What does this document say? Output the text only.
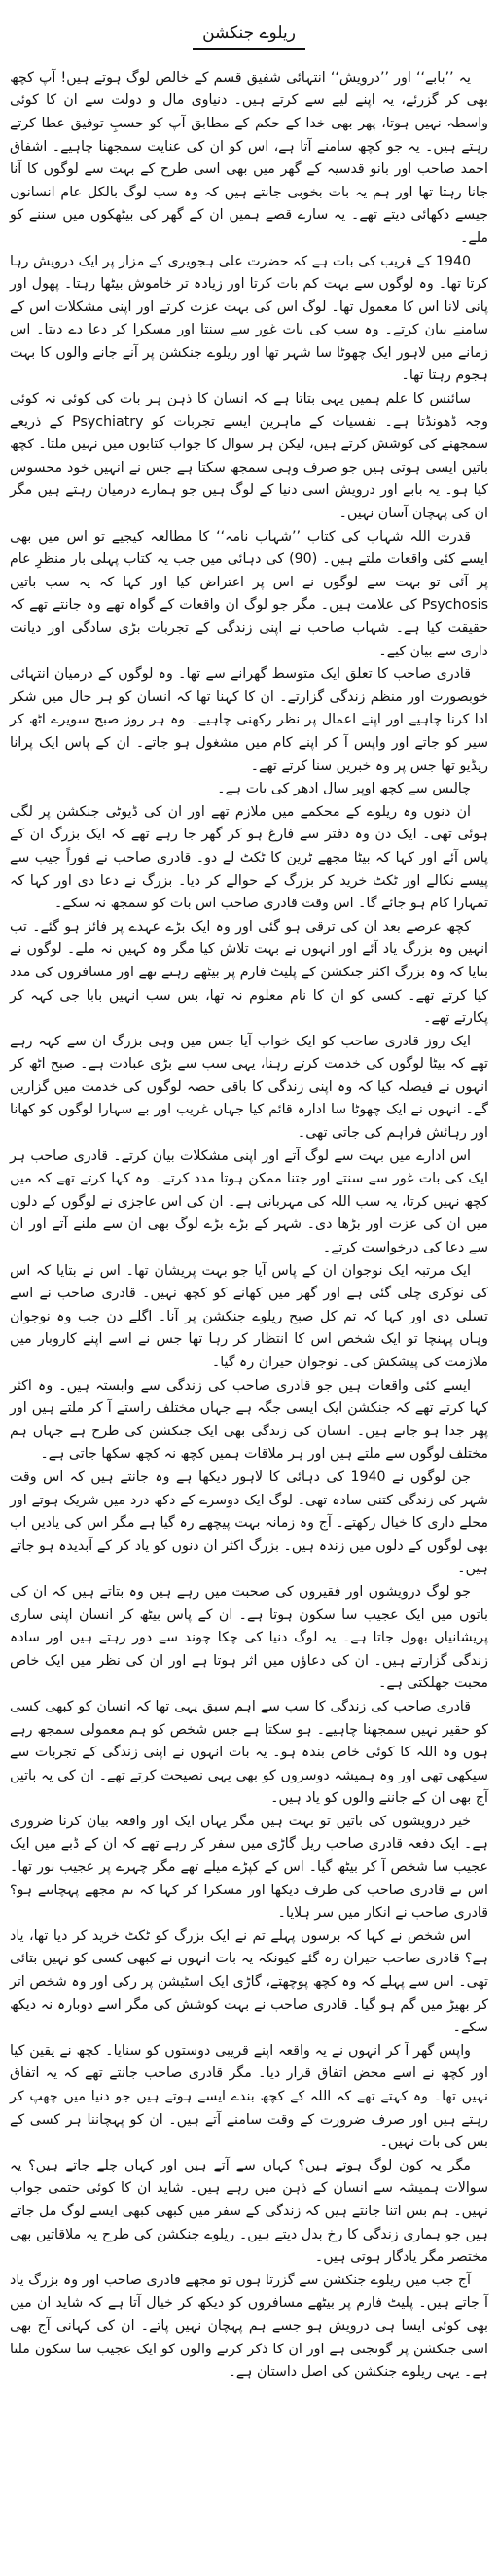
ریلوے جنکشن

یہ ’’بابے‘‘ اور ’’درویش‘‘ انتہائی شفیق قسم کے خالص لوگ ہوتے ہیں! آپ کچھ بھی کر گزرئے، یہ اپنے لیے سے کرتے ہیں۔ دنیاوی مال و دولت سے ان کا کوئی واسطہ نہیں ہوتا، پھر بھی خدا کے حکم کے مطابق آپ کو حسبِ توفیق عطا کرتے رہتے ہیں۔ یہ جو کچھ سامنے آتا ہے، اس کو ان کی عنایت سمجھنا چاہیے۔ اشفاق احمد صاحب اور بانو قدسیہ کے گھر میں بھی اسی طرح کے بہت سے لوگوں کا آنا جانا رہتا تھا اور ہم یہ بات بخوبی جانتے ہیں کہ وہ سب لوگ بالکل عام انسانوں جیسے دکھائی دیتے تھے۔ یہ سارے قصے ہمیں ان کے گھر کی بیٹھکوں میں سننے کو ملے۔

1940 کے قریب کی بات ہے کہ حضرت علی ہجویری کے مزار پر ایک درویش رہا کرتا تھا۔ وہ لوگوں سے بہت کم بات کرتا اور زیادہ تر خاموش بیٹھا رہتا۔ پھول اور پانی لانا اس کا معمول تھا۔ لوگ اس کی بہت عزت کرتے اور اپنی مشکلات اس کے سامنے بیان کرتے۔ وہ سب کی بات غور سے سنتا اور مسکرا کر دعا دے دیتا۔ اس زمانے میں لاہور ایک چھوٹا سا شہر تھا اور ریلوے جنکشن پر آنے جانے والوں کا بہت ہجوم رہتا تھا۔

سائنس کا علم ہمیں یہی بتاتا ہے کہ انسان کا ذہن ہر بات کی کوئی نہ کوئی وجہ ڈھونڈتا ہے۔ نفسیات کے ماہرین ایسے تجربات کو Psychiatry کے ذریعے سمجھنے کی کوشش کرتے ہیں، لیکن ہر سوال کا جواب کتابوں میں نہیں ملتا۔ کچھ باتیں ایسی ہوتی ہیں جو صرف وہی سمجھ سکتا ہے جس نے انہیں خود محسوس کیا ہو۔ یہ بابے اور درویش اسی دنیا کے لوگ ہیں جو ہمارے درمیان رہتے ہیں مگر ان کی پہچان آسان نہیں۔

قدرت اللہ شہاب کی کتاب ’’شہاب نامہ‘‘ کا مطالعہ کیجیے تو اس میں بھی ایسے کئی واقعات ملتے ہیں۔ (90) کی دہائی میں جب یہ کتاب پہلی بار منظرِ عام پر آئی تو بہت سے لوگوں نے اس پر اعتراض کیا اور کہا کہ یہ سب باتیں Psychosis کی علامت ہیں۔ مگر جو لوگ ان واقعات کے گواہ تھے وہ جانتے تھے کہ حقیقت کیا ہے۔ شہاب صاحب نے اپنی زندگی کے تجربات بڑی سادگی اور دیانت داری سے بیان کیے۔

قادری صاحب کا تعلق ایک متوسط گھرانے سے تھا۔ وہ لوگوں کے درمیان انتہائی خوبصورت اور منظم زندگی گزارتے۔ ان کا کہنا تھا کہ انسان کو ہر حال میں شکر ادا کرنا چاہیے اور اپنے اعمال پر نظر رکھنی چاہیے۔ وہ ہر روز صبح سویرے اٹھ کر سیر کو جاتے اور واپس آ کر اپنے کام میں مشغول ہو جاتے۔ ان کے پاس ایک پرانا ریڈیو تھا جس پر وہ خبریں سنا کرتے تھے۔

چالیس سے کچھ اوپر سال ادھر کی بات ہے۔

ان دنوں وہ ریلوے کے محکمے میں ملازم تھے اور ان کی ڈیوٹی جنکشن پر لگی ہوئی تھی۔ ایک دن وہ دفتر سے فارغ ہو کر گھر جا رہے تھے کہ ایک بزرگ ان کے پاس آئے اور کہا کہ بیٹا مجھے ٹرین کا ٹکٹ لے دو۔ قادری صاحب نے فوراً جیب سے پیسے نکالے اور ٹکٹ خرید کر بزرگ کے حوالے کر دیا۔ بزرگ نے دعا دی اور کہا کہ تمہارا کام ہو جائے گا۔ اس وقت قادری صاحب اس بات کو سمجھ نہ سکے۔

کچھ عرصے بعد ان کی ترقی ہو گئی اور وہ ایک بڑے عہدے پر فائز ہو گئے۔ تب انہیں وہ بزرگ یاد آئے اور انہوں نے بہت تلاش کیا مگر وہ کہیں نہ ملے۔ لوگوں نے بتایا کہ وہ بزرگ اکثر جنکشن کے پلیٹ فارم پر بیٹھے رہتے تھے اور مسافروں کی مدد کیا کرتے تھے۔ کسی کو ان کا نام معلوم نہ تھا، بس سب انہیں بابا جی کہہ کر پکارتے تھے۔

ایک روز قادری صاحب کو ایک خواب آیا جس میں وہی بزرگ ان سے کہہ رہے تھے کہ بیٹا لوگوں کی خدمت کرتے رہنا، یہی سب سے بڑی عبادت ہے۔ صبح اٹھ کر انہوں نے فیصلہ کیا کہ وہ اپنی زندگی کا باقی حصہ لوگوں کی خدمت میں گزاریں گے۔ انہوں نے ایک چھوٹا سا ادارہ قائم کیا جہاں غریب اور بے سہارا لوگوں کو کھانا اور رہائش فراہم کی جاتی تھی۔

اس ادارے میں بہت سے لوگ آتے اور اپنی مشکلات بیان کرتے۔ قادری صاحب ہر ایک کی بات غور سے سنتے اور جتنا ممکن ہوتا مدد کرتے۔ وہ کہا کرتے تھے کہ میں کچھ نہیں کرتا، یہ سب اللہ کی مہربانی ہے۔ ان کی اس عاجزی نے لوگوں کے دلوں میں ان کی عزت اور بڑھا دی۔ شہر کے بڑے بڑے لوگ بھی ان سے ملنے آتے اور ان سے دعا کی درخواست کرتے۔

ایک مرتبہ ایک نوجوان ان کے پاس آیا جو بہت پریشان تھا۔ اس نے بتایا کہ اس کی نوکری چلی گئی ہے اور گھر میں کھانے کو کچھ نہیں۔ قادری صاحب نے اسے تسلی دی اور کہا کہ تم کل صبح ریلوے جنکشن پر آنا۔ اگلے دن جب وہ نوجوان وہاں پہنچا تو ایک شخص اس کا انتظار کر رہا تھا جس نے اسے اپنے کاروبار میں ملازمت کی پیشکش کی۔ نوجوان حیران رہ گیا۔

ایسے کئی واقعات ہیں جو قادری صاحب کی زندگی سے وابستہ ہیں۔ وہ اکثر کہا کرتے تھے کہ جنکشن ایک ایسی جگہ ہے جہاں مختلف راستے آ کر ملتے ہیں اور پھر جدا ہو جاتے ہیں۔ انسان کی زندگی بھی ایک جنکشن کی طرح ہے جہاں ہم مختلف لوگوں سے ملتے ہیں اور ہر ملاقات ہمیں کچھ نہ کچھ سکھا جاتی ہے۔

جن لوگوں نے 1940 کی دہائی کا لاہور دیکھا ہے وہ جانتے ہیں کہ اس وقت شہر کی زندگی کتنی سادہ تھی۔ لوگ ایک دوسرے کے دکھ درد میں شریک ہوتے اور محلے داری کا خیال رکھتے۔ آج وہ زمانہ بہت پیچھے رہ گیا ہے مگر اس کی یادیں اب بھی لوگوں کے دلوں میں زندہ ہیں۔ بزرگ اکثر ان دنوں کو یاد کر کے آبدیدہ ہو جاتے ہیں۔

جو لوگ درویشوں اور فقیروں کی صحبت میں رہے ہیں وہ بتاتے ہیں کہ ان کی باتوں میں ایک عجیب سا سکون ہوتا ہے۔ ان کے پاس بیٹھ کر انسان اپنی ساری پریشانیاں بھول جاتا ہے۔ یہ لوگ دنیا کی چکا چوند سے دور رہتے ہیں اور سادہ زندگی گزارتے ہیں۔ ان کی دعاؤں میں اثر ہوتا ہے اور ان کی نظر میں ایک خاص محبت جھلکتی ہے۔

قادری صاحب کی زندگی کا سب سے اہم سبق یہی تھا کہ انسان کو کبھی کسی کو حقیر نہیں سمجھنا چاہیے۔ ہو سکتا ہے جس شخص کو ہم معمولی سمجھ رہے ہوں وہ اللہ کا کوئی خاص بندہ ہو۔ یہ بات انہوں نے اپنی زندگی کے تجربات سے سیکھی تھی اور وہ ہمیشہ دوسروں کو بھی یہی نصیحت کرتے تھے۔ ان کی یہ باتیں آج بھی ان کے جاننے والوں کو یاد ہیں۔

خیر درویشوں کی باتیں تو بہت ہیں مگر یہاں ایک اور واقعہ بیان کرنا ضروری ہے۔ ایک دفعہ قادری صاحب ریل گاڑی میں سفر کر رہے تھے کہ ان کے ڈبے میں ایک عجیب سا شخص آ کر بیٹھ گیا۔ اس کے کپڑے میلے تھے مگر چہرے پر عجیب نور تھا۔ اس نے قادری صاحب کی طرف دیکھا اور مسکرا کر کہا کہ تم مجھے پہچانتے ہو؟ قادری صاحب نے انکار میں سر ہلایا۔

اس شخص نے کہا کہ برسوں پہلے تم نے ایک بزرگ کو ٹکٹ خرید کر دیا تھا، یاد ہے؟ قادری صاحب حیران رہ گئے کیونکہ یہ بات انہوں نے کبھی کسی کو نہیں بتائی تھی۔ اس سے پہلے کہ وہ کچھ پوچھتے، گاڑی ایک اسٹیشن پر رکی اور وہ شخص اتر کر بھیڑ میں گم ہو گیا۔ قادری صاحب نے بہت کوشش کی مگر اسے دوبارہ نہ دیکھ سکے۔

واپس گھر آ کر انہوں نے یہ واقعہ اپنے قریبی دوستوں کو سنایا۔ کچھ نے یقین کیا اور کچھ نے اسے محض اتفاق قرار دیا۔ مگر قادری صاحب جانتے تھے کہ یہ اتفاق نہیں تھا۔ وہ کہتے تھے کہ اللہ کے کچھ بندے ایسے ہوتے ہیں جو دنیا میں چھپ کر رہتے ہیں اور صرف ضرورت کے وقت سامنے آتے ہیں۔ ان کو پہچاننا ہر کسی کے بس کی بات نہیں۔

مگر یہ کون لوگ ہوتے ہیں؟ کہاں سے آتے ہیں اور کہاں چلے جاتے ہیں؟ یہ سوالات ہمیشہ سے انسان کے ذہن میں رہے ہیں۔ شاید ان کا کوئی حتمی جواب نہیں۔ ہم بس اتنا جانتے ہیں کہ زندگی کے سفر میں کبھی کبھی ایسے لوگ مل جاتے ہیں جو ہماری زندگی کا رخ بدل دیتے ہیں۔ ریلوے جنکشن کی طرح یہ ملاقاتیں بھی مختصر مگر یادگار ہوتی ہیں۔

آج جب میں ریلوے جنکشن سے گزرتا ہوں تو مجھے قادری صاحب اور وہ بزرگ یاد آ جاتے ہیں۔ پلیٹ فارم پر بیٹھے مسافروں کو دیکھ کر خیال آتا ہے کہ شاید ان میں بھی کوئی ایسا ہی درویش ہو جسے ہم پہچان نہیں پاتے۔ ان کی کہانی آج بھی اسی جنکشن پر گونجتی ہے اور ان کا ذکر کرنے والوں کو ایک عجیب سا سکون ملتا ہے۔ یہی ریلوے جنکشن کی اصل داستان ہے۔
